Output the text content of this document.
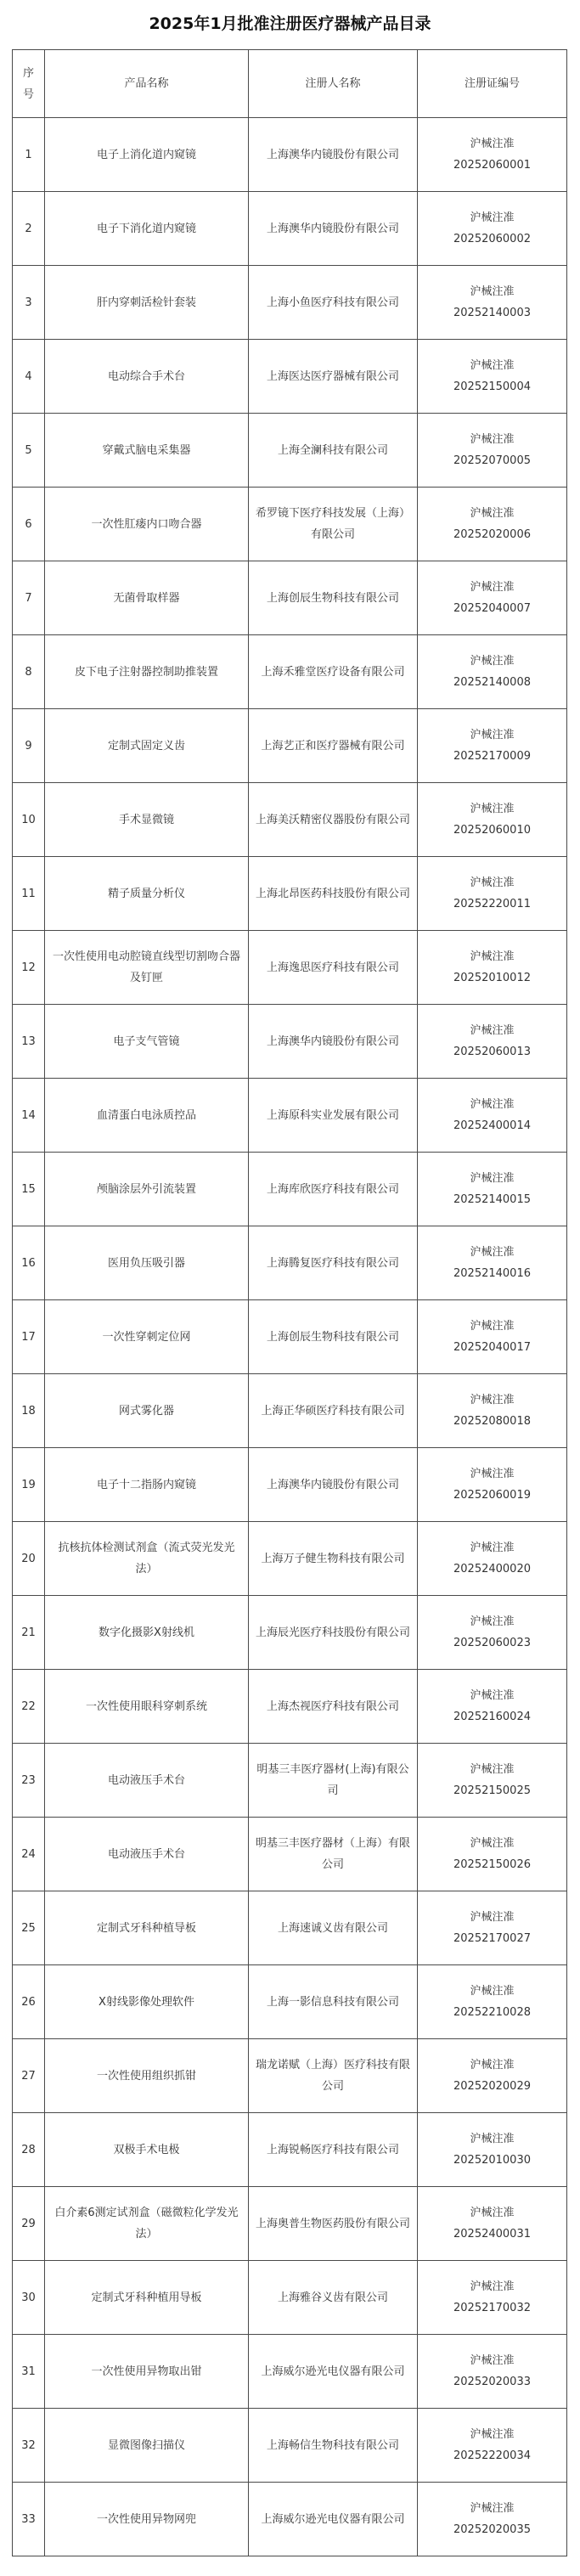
2025年1月批准注册医疗器械产品目录
序号	产品名称	注册人名称	注册证编号
1	电子上消化道内窥镜	上海澳华内镜股份有限公司	沪械注准
20252060001

2	电子下消化道内窥镜	上海澳华内镜股份有限公司	沪械注准
20252060002

3	肝内穿刺活检针套装	上海小鱼医疗科技有限公司	沪械注准
20252140003

4	电动综合手术台	上海医达医疗器械有限公司	沪械注准
20252150004

5	穿戴式脑电采集器	上海全澜科技有限公司	沪械注准
20252070005

6	一次性肛瘘内口吻合器	希罗镜下医疗科技发展（上海）有限公司	沪械注准
20252020006

7	无菌骨取样器	上海创辰生物科技有限公司	沪械注准
20252040007

8	皮下电子注射器控制助推装置	上海禾雅堂医疗设备有限公司	沪械注准
20252140008

9	定制式固定义齿	上海艺正和医疗器械有限公司	沪械注准
20252170009

10	手术显微镜	上海美沃精密仪器股份有限公司	沪械注准
20252060010

11	精子质量分析仪	上海北昂医药科技股份有限公司	沪械注准
20252220011

12	一次性使用电动腔镜直线型切割吻合器及钉匣	上海逸思医疗科技有限公司	沪械注准
20252010012

13	电子支气管镜	上海澳华内镜股份有限公司	沪械注准
20252060013

14	血清蛋白电泳质控品	上海原科实业发展有限公司	沪械注准
20252400014

15	颅脑涂层外引流装置	上海库欣医疗科技有限公司	沪械注准
20252140015

16	医用负压吸引器	上海腾复医疗科技有限公司	沪械注准
20252140016

17	一次性穿刺定位网	上海创辰生物科技有限公司	沪械注准
20252040017

18	网式雾化器	上海正华硕医疗科技有限公司	沪械注准
20252080018

19	电子十二指肠内窥镜	上海澳华内镜股份有限公司	沪械注准
20252060019

20	抗核抗体检测试剂盒（流式荧光发光法）	上海万子健生物科技有限公司	沪械注准
20252400020

21	数字化摄影X射线机	上海辰光医疗科技股份有限公司	沪械注准
20252060023

22	一次性使用眼科穿刺系统	上海杰视医疗科技有限公司	沪械注准
20252160024

23	电动液压手术台	明基三丰医疗器材(上海)有限公司	沪械注准
20252150025

24	电动液压手术台	明基三丰医疗器材（上海）有限公司	沪械注准
20252150026

25	定制式牙科种植导板	上海速诚义齿有限公司	沪械注准
20252170027

26	X射线影像处理软件	上海一影信息科技有限公司	沪械注准
20252210028

27	一次性使用组织抓钳	瑞龙诺赋（上海）医疗科技有限公司	沪械注准
20252020029

28	双极手术电极	上海锐畅医疗科技有限公司	沪械注准
20252010030

29	白介素6测定试剂盒（磁微粒化学发光法）	上海奥普生物医药股份有限公司	沪械注准
20252400031

30	定制式牙科种植用导板	上海雅谷义齿有限公司	沪械注准
20252170032

31	一次性使用异物取出钳	上海威尔逊光电仪器有限公司	沪械注准
20252020033

32	显微图像扫描仪	上海畅信生物科技有限公司	沪械注准
20252220034

33	一次性使用异物网兜	上海威尔逊光电仪器有限公司	沪械注准
20252020035
